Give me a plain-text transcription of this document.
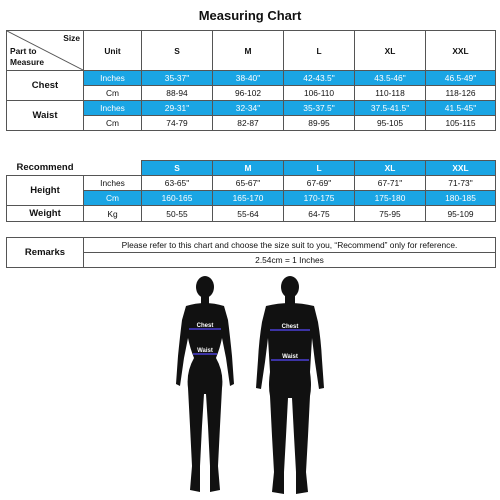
Measuring Chart
Size
Part to Measure	Unit	S	M	L	XL	XXL
Chest	Inches	35-37"	38-40"	42-43.5"	43.5-46"	46.5-49"
	Cm	88-94	96-102	106-110	110-118	118-126
Waist	Inches	29-31"	32-34"	35-37.5"	37.5-41.5"	41.5-45"
	Cm	74-79	82-87	89-95	95-105	105-115
Recommend		S	M	L	XL	XXL
Height	Inches	63-65"	65-67"	67-69"	67-71"	71-73"
	Cm	160-165	165-170	170-175	175-180	180-185
Weight	Kg	50-55	55-64	64-75	75-95	95-109
Remarks	Please refer to this chart and choose the size suit to you, “Recommend” only for reference.
2.54cm = 1 Inches
Chest
Waist
Chest
Waist
